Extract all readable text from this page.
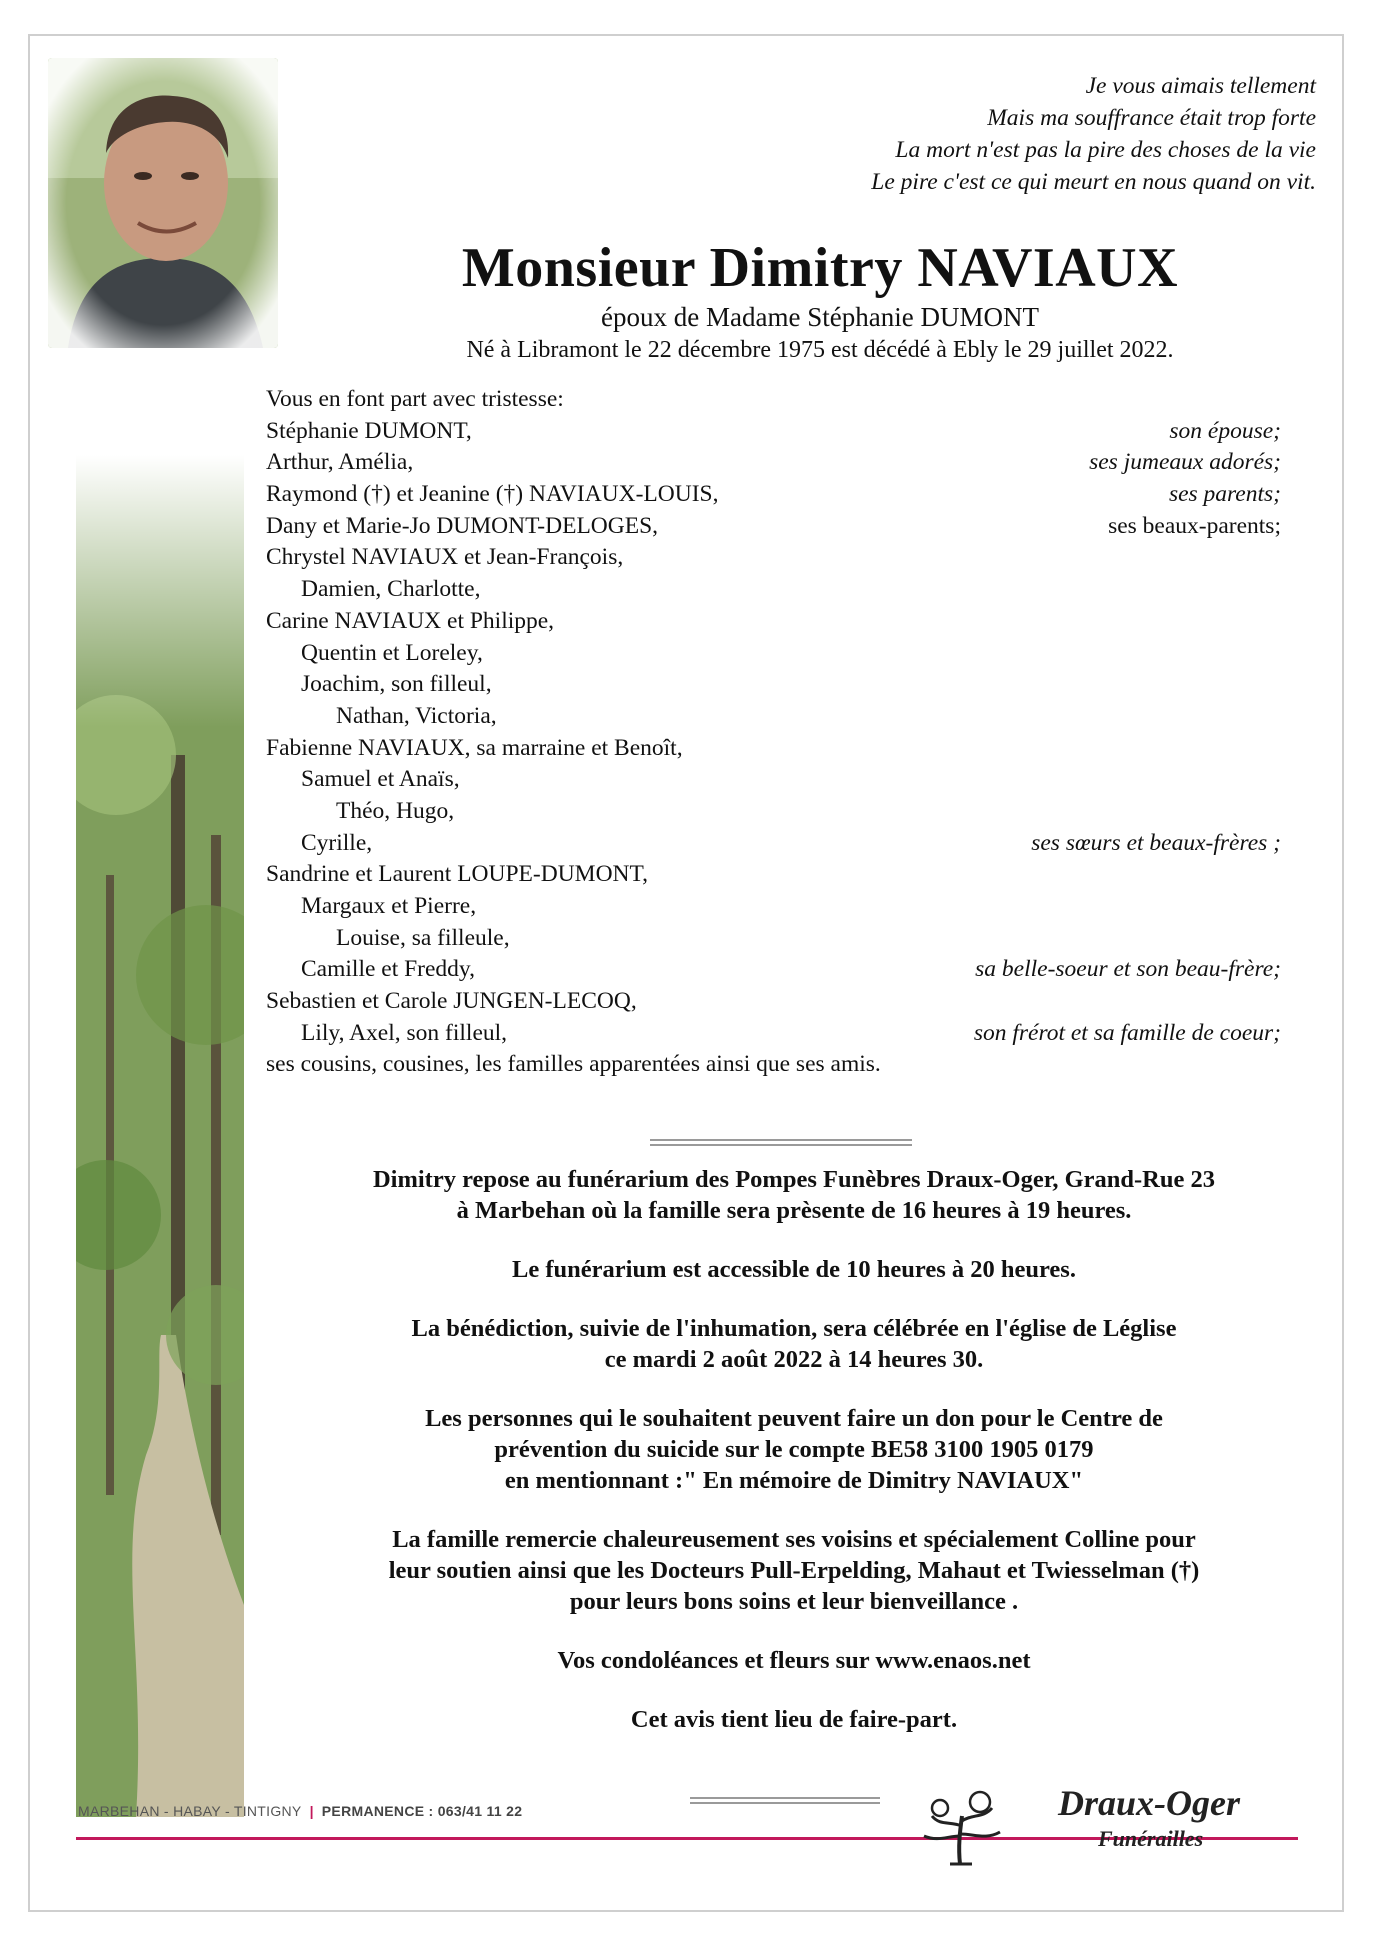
Je vous aimais tellement
Mais ma souffrance était trop forte
La mort n'est pas la pire des choses de la vie
Le pire c'est ce qui meurt en nous quand on vit.
Monsieur Dimitry NAVIAUX
époux de Madame Stéphanie DUMONT
Né à Libramont le 22 décembre 1975 est décédé à Ebly le 29 juillet 2022.
Vous en font part avec tristesse:
Stéphanie DUMONT,	son épouse;
Arthur, Amélia,	ses jumeaux adorés;
Raymond (†) et Jeanine (†) NAVIAUX-LOUIS,	ses parents;
Dany et Marie-Jo DUMONT-DELOGES,	ses beaux-parents;
Chrystel NAVIAUX et Jean-François,
Damien, Charlotte,
Carine NAVIAUX et Philippe,
Quentin et Loreley,
Joachim, son filleul,
Nathan, Victoria,
Fabienne NAVIAUX, sa marraine et Benoît,
Samuel et Anaïs,
Théo, Hugo,
Cyrille,	ses sœurs et beaux-frères ;
Sandrine et Laurent LOUPE-DUMONT,
Margaux et Pierre,
Louise, sa filleule,
Camille et Freddy,	sa belle-soeur et son beau-frère;
Sebastien et Carole JUNGEN-LECOQ,
Lily, Axel, son filleul,	son frérot et sa famille de coeur;
ses cousins, cousines, les familles apparentées ainsi que ses amis.

Dimitry repose au funérarium des Pompes Funèbres Draux-Oger, Grand-Rue 23
à Marbehan où la famille sera prèsente de 16 heures à 19 heures.

Le funérarium est accessible de 10 heures à 20 heures.

La bénédiction, suivie de l'inhumation, sera célébrée en l'église de Léglise
ce mardi 2 août 2022 à 14 heures 30.

Les personnes qui le souhaitent peuvent faire un don pour le Centre de
prévention du suicide sur le compte BE58 3100 1905 0179
en mentionnant :" En mémoire de Dimitry NAVIAUX"

La famille remercie chaleureusement ses voisins et spécialement Colline pour
leur soutien ainsi que les Docteurs Pull-Erpelding, Mahaut et Twiesselman (†)
pour leurs bons soins et leur bienveillance .

Vos condoléances et fleurs sur www.enaos.net

Cet avis tient lieu de faire-part.

MARBEHAN - HABAY - TINTIGNY | PERMANENCE : 063/41 11 22	Draux-Oger
Funérailles
